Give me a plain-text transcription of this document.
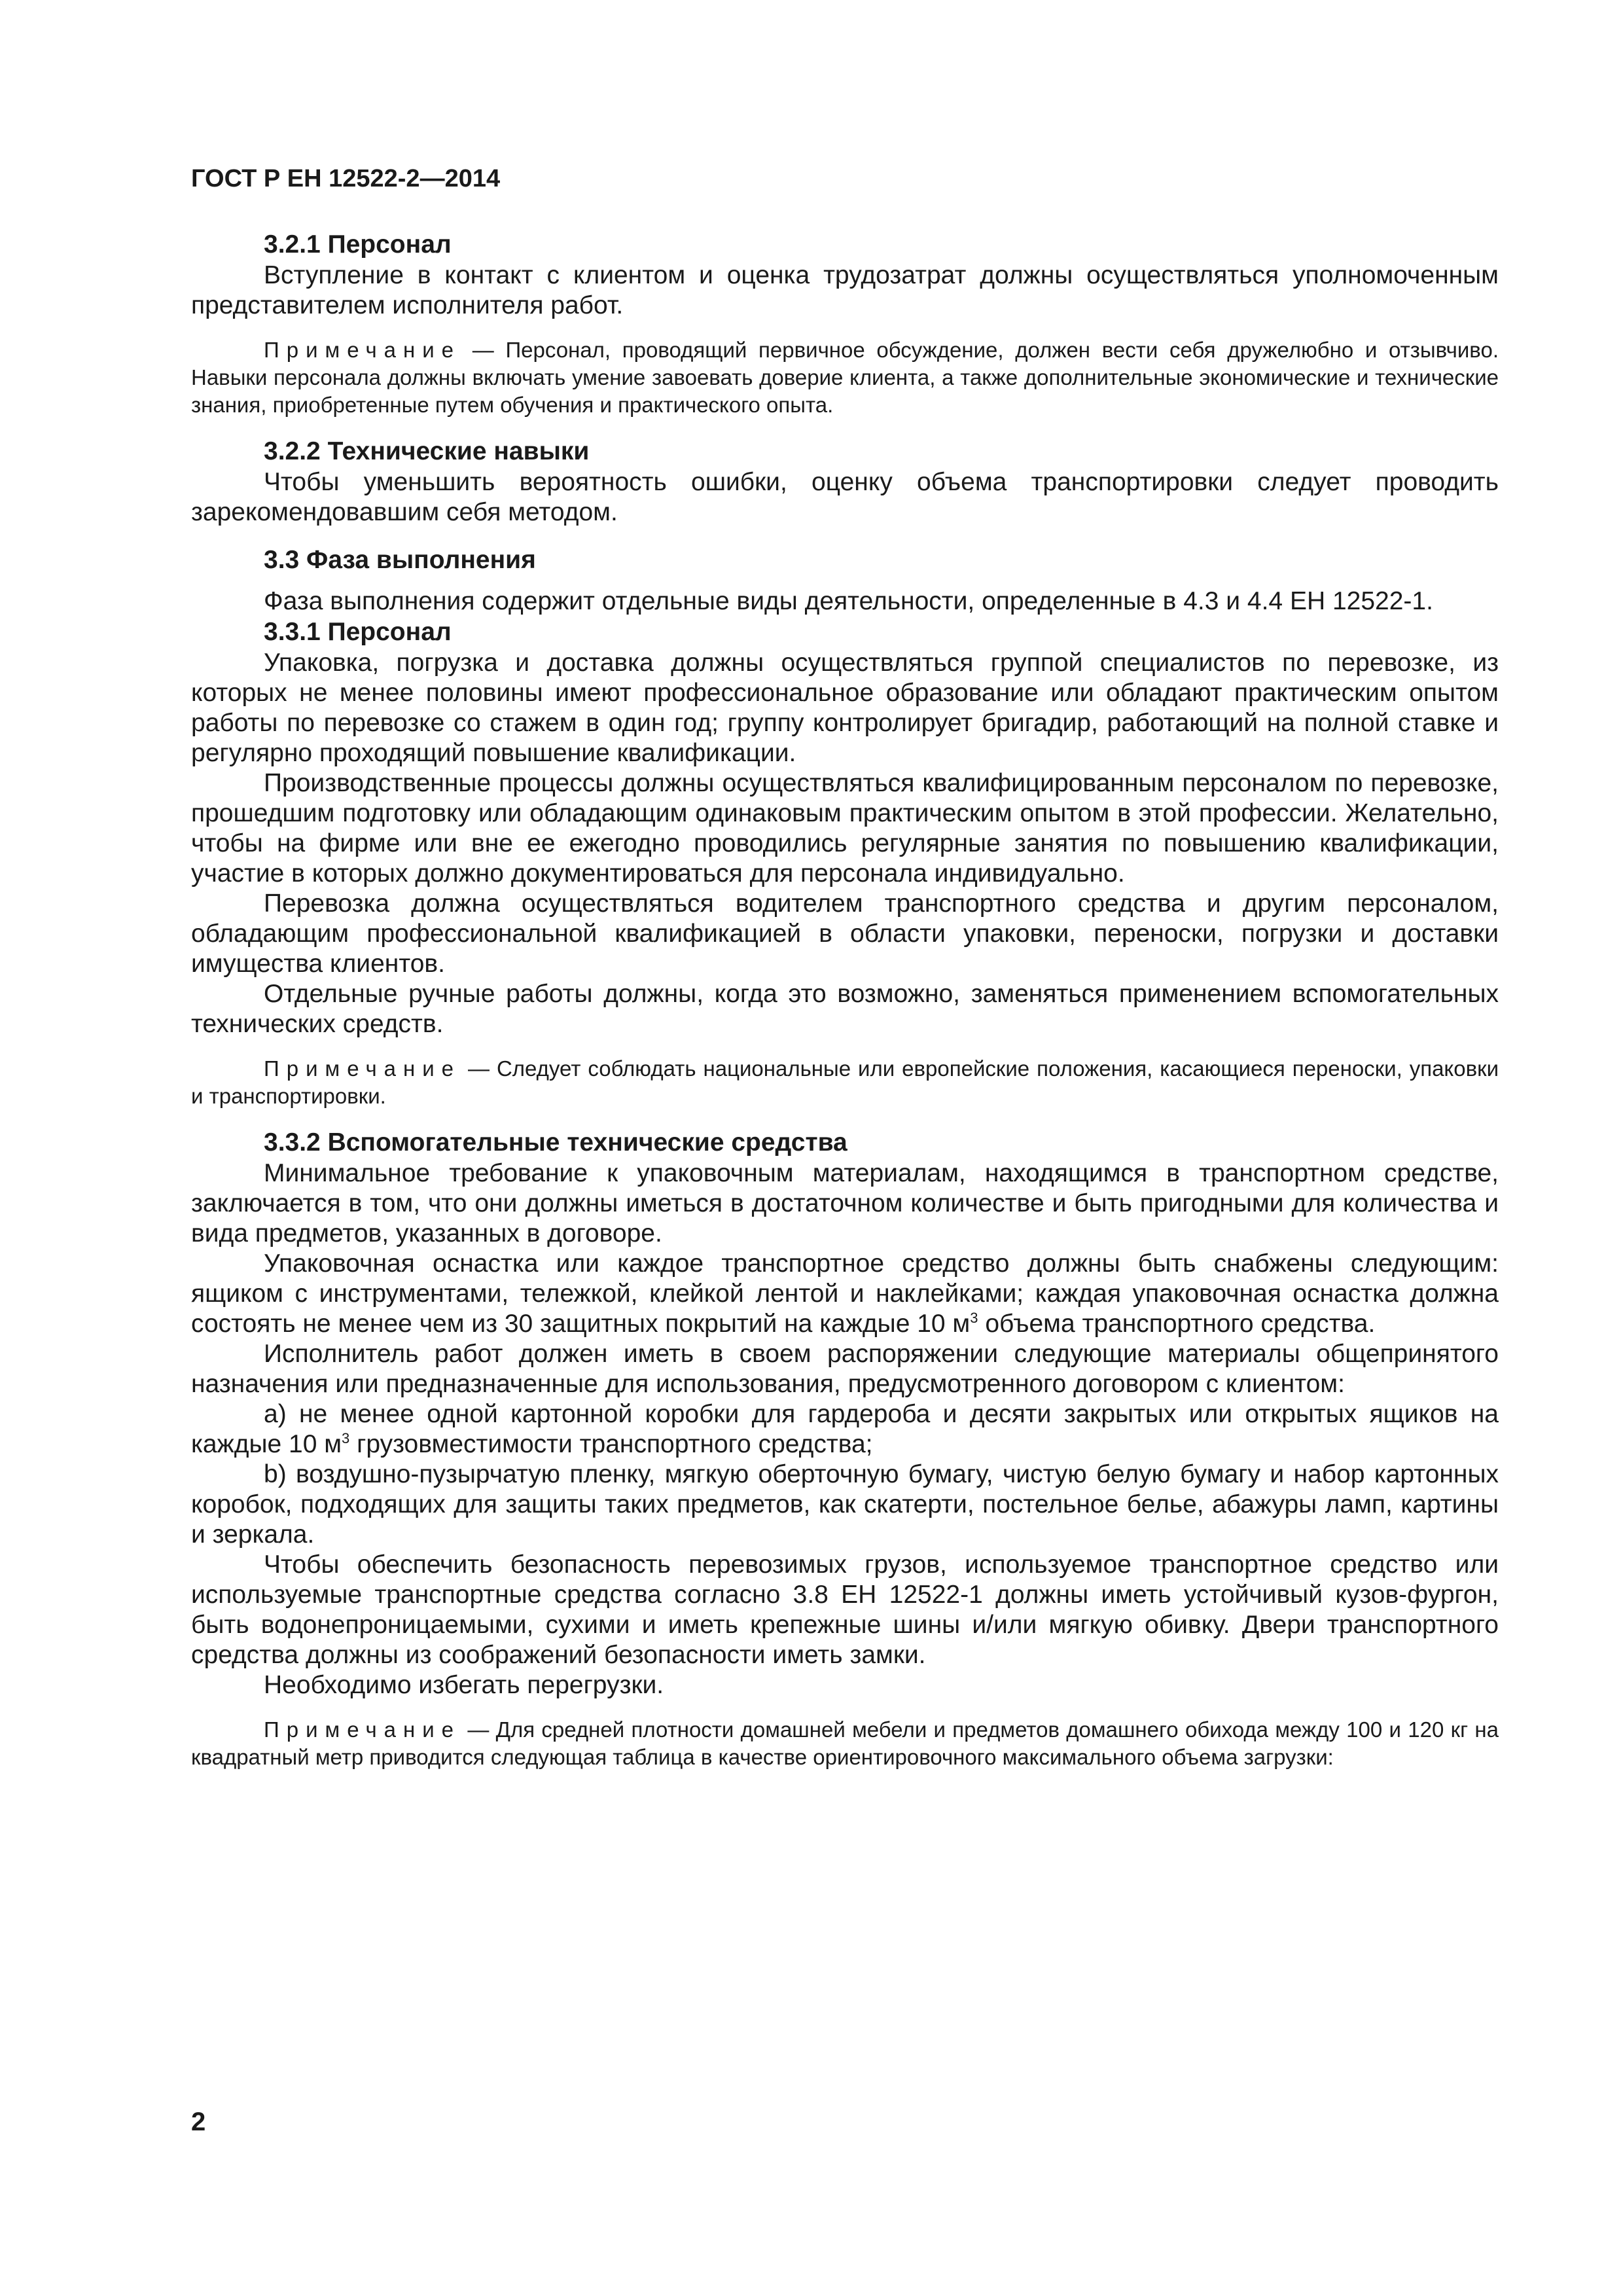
ГОСТ Р ЕН 12522-2—2014

3.2.1 Персонал

Вступление в контакт с клиентом и оценка трудозатрат должны осуществляться уполномоченным представителем исполнителя работ.

Примечание — Персонал, проводящий первичное обсуждение, должен вести себя дружелюбно и отзывчиво. Навыки персонала должны включать умение завоевать доверие клиента, а также дополнительные экономические и технические знания, приобретенные путем обучения и практического опыта.

3.2.2 Технические навыки

Чтобы уменьшить вероятность ошибки, оценку объема транспортировки следует проводить зарекомендовавшим себя методом.

3.3 Фаза выполнения

Фаза выполнения содержит отдельные виды деятельности, определенные в 4.3 и 4.4 ЕН 12522-1.

3.3.1 Персонал

Упаковка, погрузка и доставка должны осуществляться группой специалистов по перевозке, из которых не менее половины имеют профессиональное образование или обладают практическим опытом работы по перевозке со стажем в один год; группу контролирует бригадир, работающий на полной ставке и регулярно проходящий повышение квалификации.

Производственные процессы должны осуществляться квалифицированным персоналом по перевозке, прошедшим подготовку или обладающим одинаковым практическим опытом в этой профессии. Желательно, чтобы на фирме или вне ее ежегодно проводились регулярные занятия по повышению квалификации, участие в которых должно документироваться для персонала индивидуально.

Перевозка должна осуществляться водителем транспортного средства и другим персоналом, обладающим профессиональной квалификацией в области упаковки, переноски, погрузки и доставки имущества клиентов.

Отдельные ручные работы должны, когда это возможно, заменяться применением вспомогательных технических средств.

Примечание — Следует соблюдать национальные или европейские положения, касающиеся переноски, упаковки и транспортировки.

3.3.2 Вспомогательные технические средства

Минимальное требование к упаковочным материалам, находящимся в транспортном средстве, заключается в том, что они должны иметься в достаточном количестве и быть пригодными для количества и вида предметов, указанных в договоре.

Упаковочная оснастка или каждое транспортное средство должны быть снабжены следующим: ящиком с инструментами, тележкой, клейкой лентой и наклейками; каждая упаковочная оснастка должна состоять не менее чем из 30 защитных покрытий на каждые 10 $м^3$ объема транспортного средства.

Исполнитель работ должен иметь в своем распоряжении следующие материалы общепринятого назначения или предназначенные для использования, предусмотренного договором с клиентом:

a) не менее одной картонной коробки для гардероба и десяти закрытых или открытых ящиков на каждые 10 $м^3$ грузовместимости транспортного средства;

b) воздушно-пузырчатую пленку, мягкую оберточную бумагу, чистую белую бумагу и набор картонных коробок, подходящих для защиты таких предметов, как скатерти, постельное белье, абажуры ламп, картины и зеркала.

Чтобы обеспечить безопасность перевозимых грузов, используемое транспортное средство или используемые транспортные средства согласно 3.8 ЕН 12522-1 должны иметь устойчивый кузов-фургон, быть водонепроницаемыми, сухими и иметь крепежные шины и/или мягкую обивку. Двери транспортного средства должны из соображений безопасности иметь замки.

Необходимо избегать перегрузки.

Примечание — Для средней плотности домашней мебели и предметов домашнего обихода между 100 и 120 кг на квадратный метр приводится следующая таблица в качестве ориентировочного максимального объема загрузки:

2
